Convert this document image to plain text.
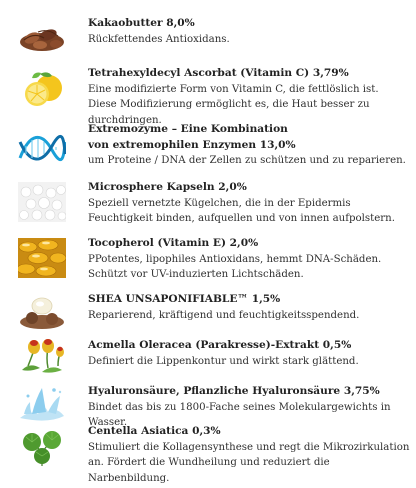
Kakaobutter 8,0%
Rückfettendes Antioxidans.
Tetrahexyldecyl Ascorbat (Vitamin C) 3,79%
Eine modifizierte Form von Vitamin C, die fettlöslich ist. Diese Modifizierung ermöglicht es, die Haut besser zu durchdringen.
Extremozyme – Eine Kombination von extremophilen Enzymen 13,0%
um Proteine / DNA der Zellen zu schützen und zu reparieren.
Microsphere Kapseln 2,0%
Speziell vernetzte Kügelchen, die in der Epidermis Feuchtigkeit binden, aufquellen und von innen aufpolstern.
Tocopherol (Vitamin E) 2,0%
PPotentes, lipophiles Antioxidans, hemmt DNA-Schäden. Schützt vor UV-induzierten Lichtschäden.
SHEA UNSAPONIFIABLE™ 1,5%
Reparierend, kräftigend und feuchtigkeitsspendend.
Acmella Oleracea (Parakresse)-Extrakt 0,5%
Definiert die Lippenkontur und wirkt stark glättend.
Hyaluronsäure, Pflanzliche Hyaluronsäure 3,75%
Bindet das bis zu 1800-Fache seines Molekulargewichts in Wasser.
Centella Asiatica 0,3%
Stimuliert die Kollagensynthese und regt die Mikrozirkulation an. Fördert die Wundheilung und reduziert die Narbenbildung.
